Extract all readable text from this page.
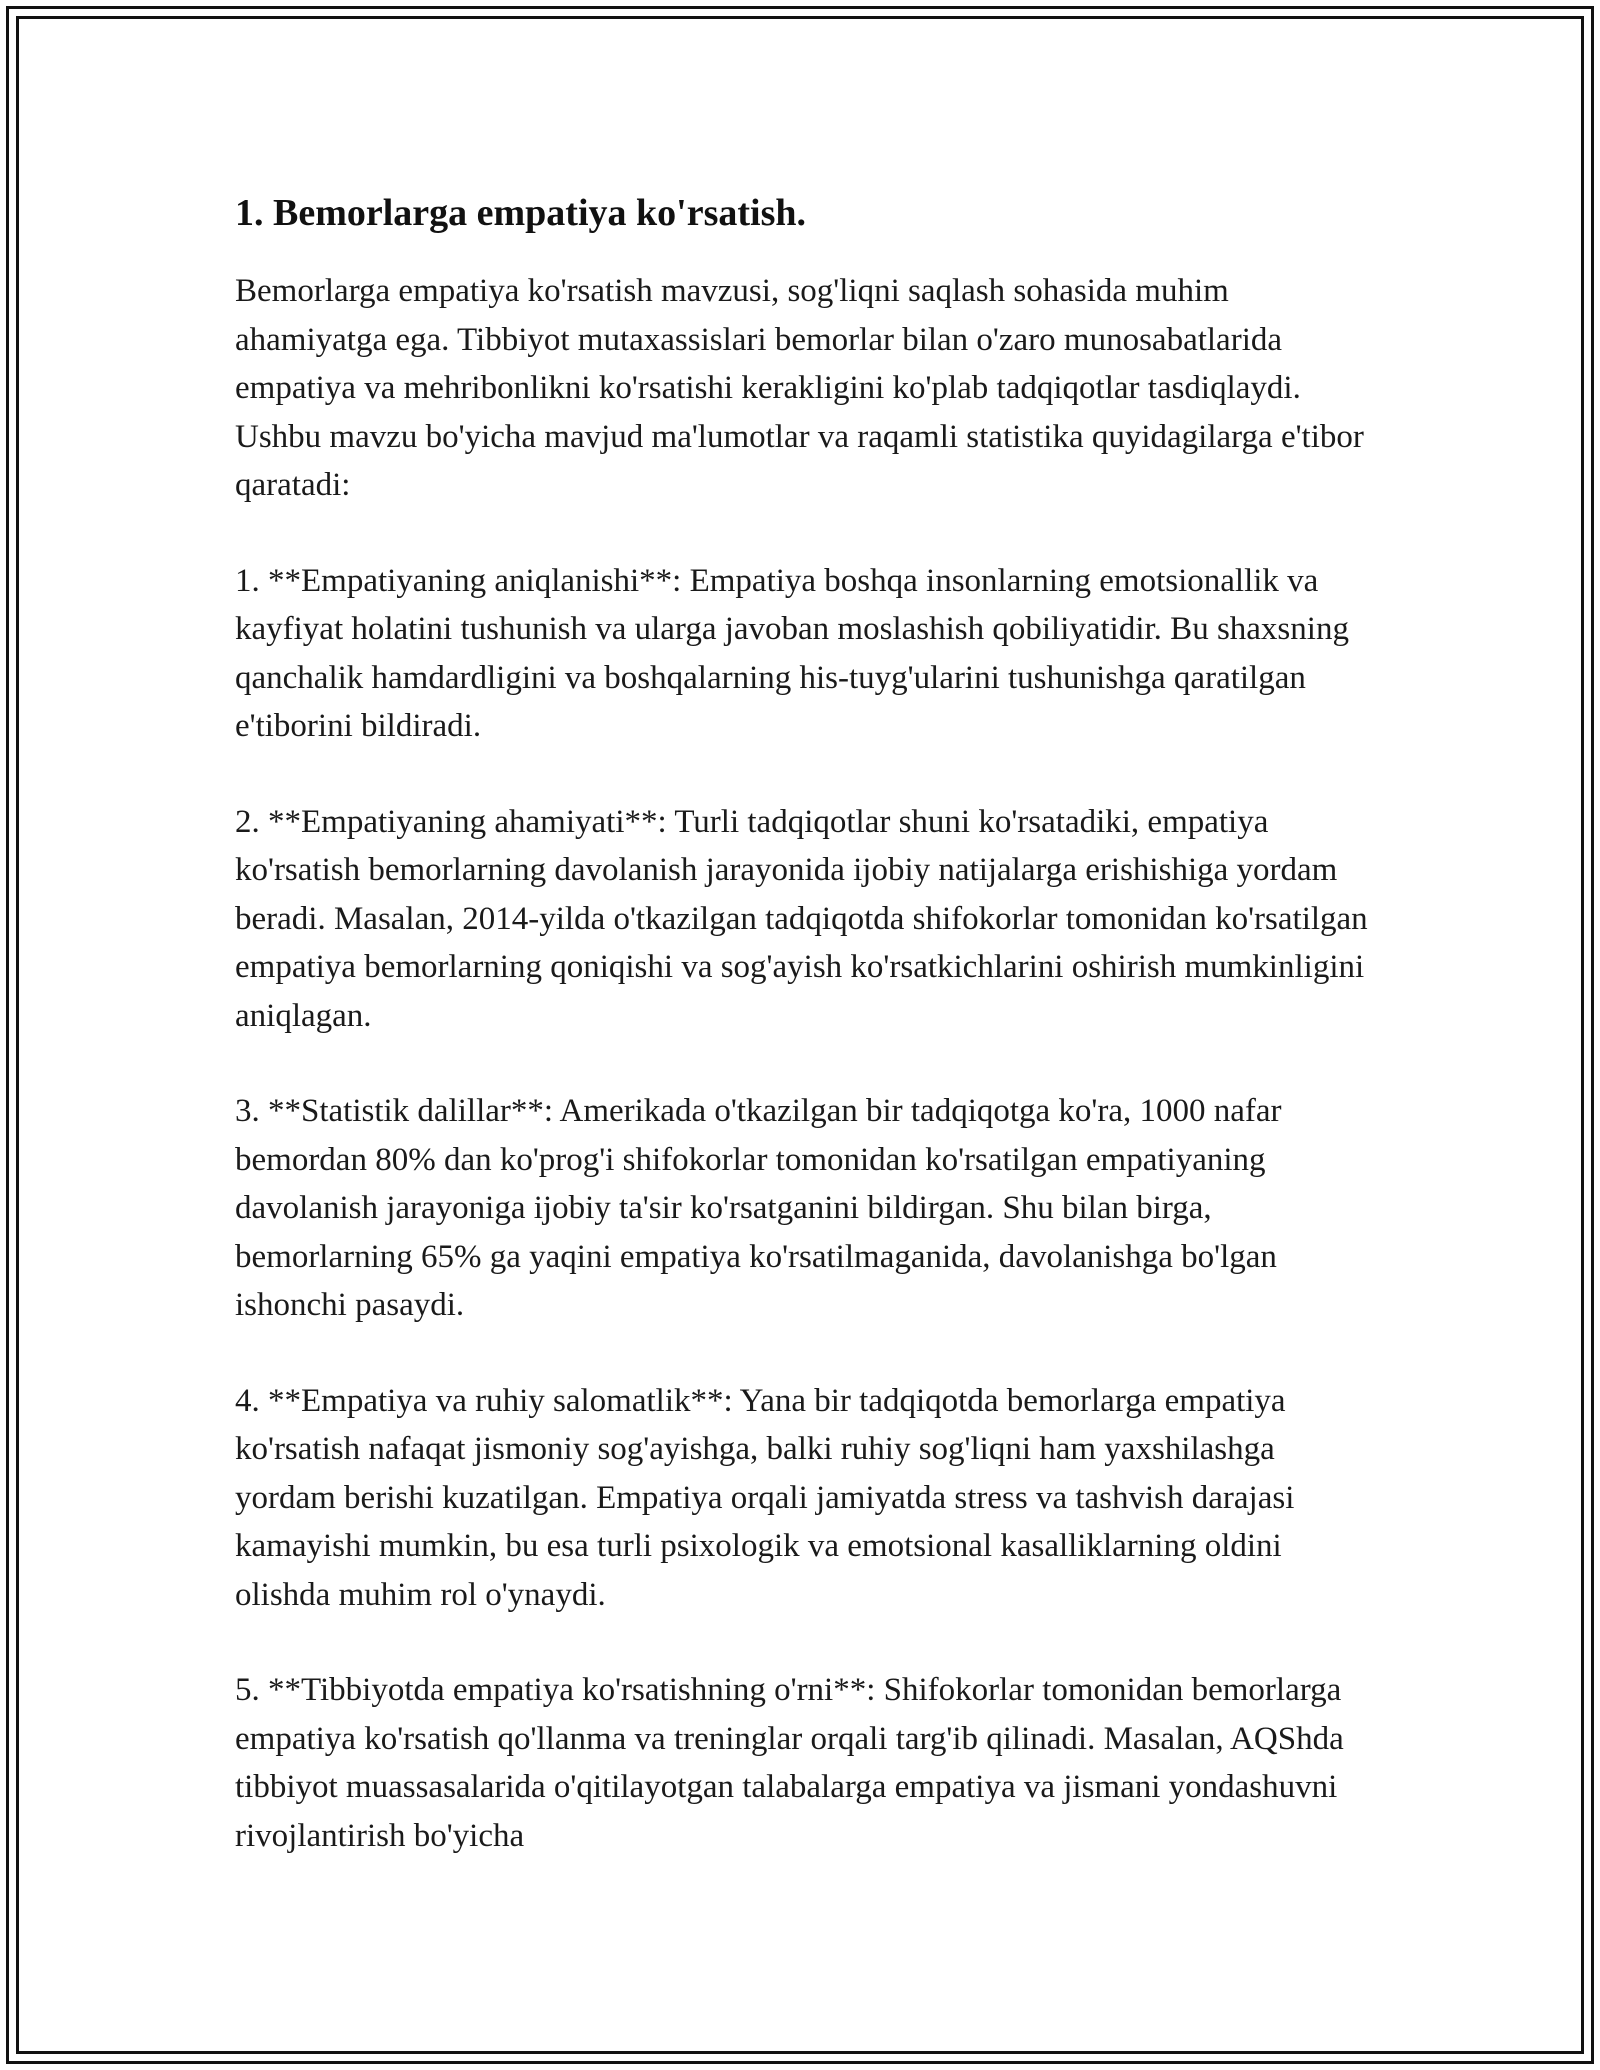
1. Bemorlarga empatiya ko'rsatish.

Bemorlarga empatiya ko'rsatish mavzusi, sog'liqni saqlash sohasida muhim ahamiyatga ega. Tibbiyot mutaxassislari bemorlar bilan o'zaro munosabatlarida empatiya va mehribonlikni ko'rsatishi kerakligini ko'plab tadqiqotlar tasdiqlaydi. Ushbu mavzu bo'yicha mavjud ma'lumotlar va raqamli statistika quyidagilarga e'tibor qaratadi:

1. **Empatiyaning aniqlanishi**: Empatiya boshqa insonlarning emotsionallik va kayfiyat holatini tushunish va ularga javoban moslashish qobiliyatidir. Bu shaxsning qanchalik hamdardligini va boshqalarning his-tuyg'ularini tushunishga qaratilgan e'tiborini bildiradi.

2. **Empatiyaning ahamiyati**: Turli tadqiqotlar shuni ko'rsatadiki, empatiya ko'rsatish bemorlarning davolanish jarayonida ijobiy natijalarga erishishiga yordam beradi. Masalan, 2014-yilda o'tkazilgan tadqiqotda shifokorlar tomonidan ko'rsatilgan empatiya bemorlarning qoniqishi va sog'ayish ko'rsatkichlarini oshirish mumkinligini aniqlagan.

3. **Statistik dalillar**: Amerikada o'tkazilgan bir tadqiqotga ko'ra, 1000 nafar bemordan 80% dan ko'prog'i shifokorlar tomonidan ko'rsatilgan empatiyaning davolanish jarayoniga ijobiy ta'sir ko'rsatganini bildirgan. Shu bilan birga, bemorlarning 65% ga yaqini empatiya ko'rsatilmaganida, davolanishga bo'lgan ishonchi pasaydi.

4. **Empatiya va ruhiy salomatlik**: Yana bir tadqiqotda bemorlarga empatiya ko'rsatish nafaqat jismoniy sog'ayishga, balki ruhiy sog'liqni ham yaxshilashga yordam berishi kuzatilgan. Empatiya orqali jamiyatda stress va tashvish darajasi kamayishi mumkin, bu esa turli psixologik va emotsional kasalliklarning oldini olishda muhim rol o'ynaydi.

5. **Tibbiyotda empatiya ko'rsatishning o'rni**: Shifokorlar tomonidan bemorlarga empatiya ko'rsatish qo'llanma va treninglar orqali targ'ib qilinadi. Masalan, AQShda tibbiyot muassasalarida o'qitilayotgan talabalarga empatiya va jismani yondashuvni rivojlantirish bo'yicha
